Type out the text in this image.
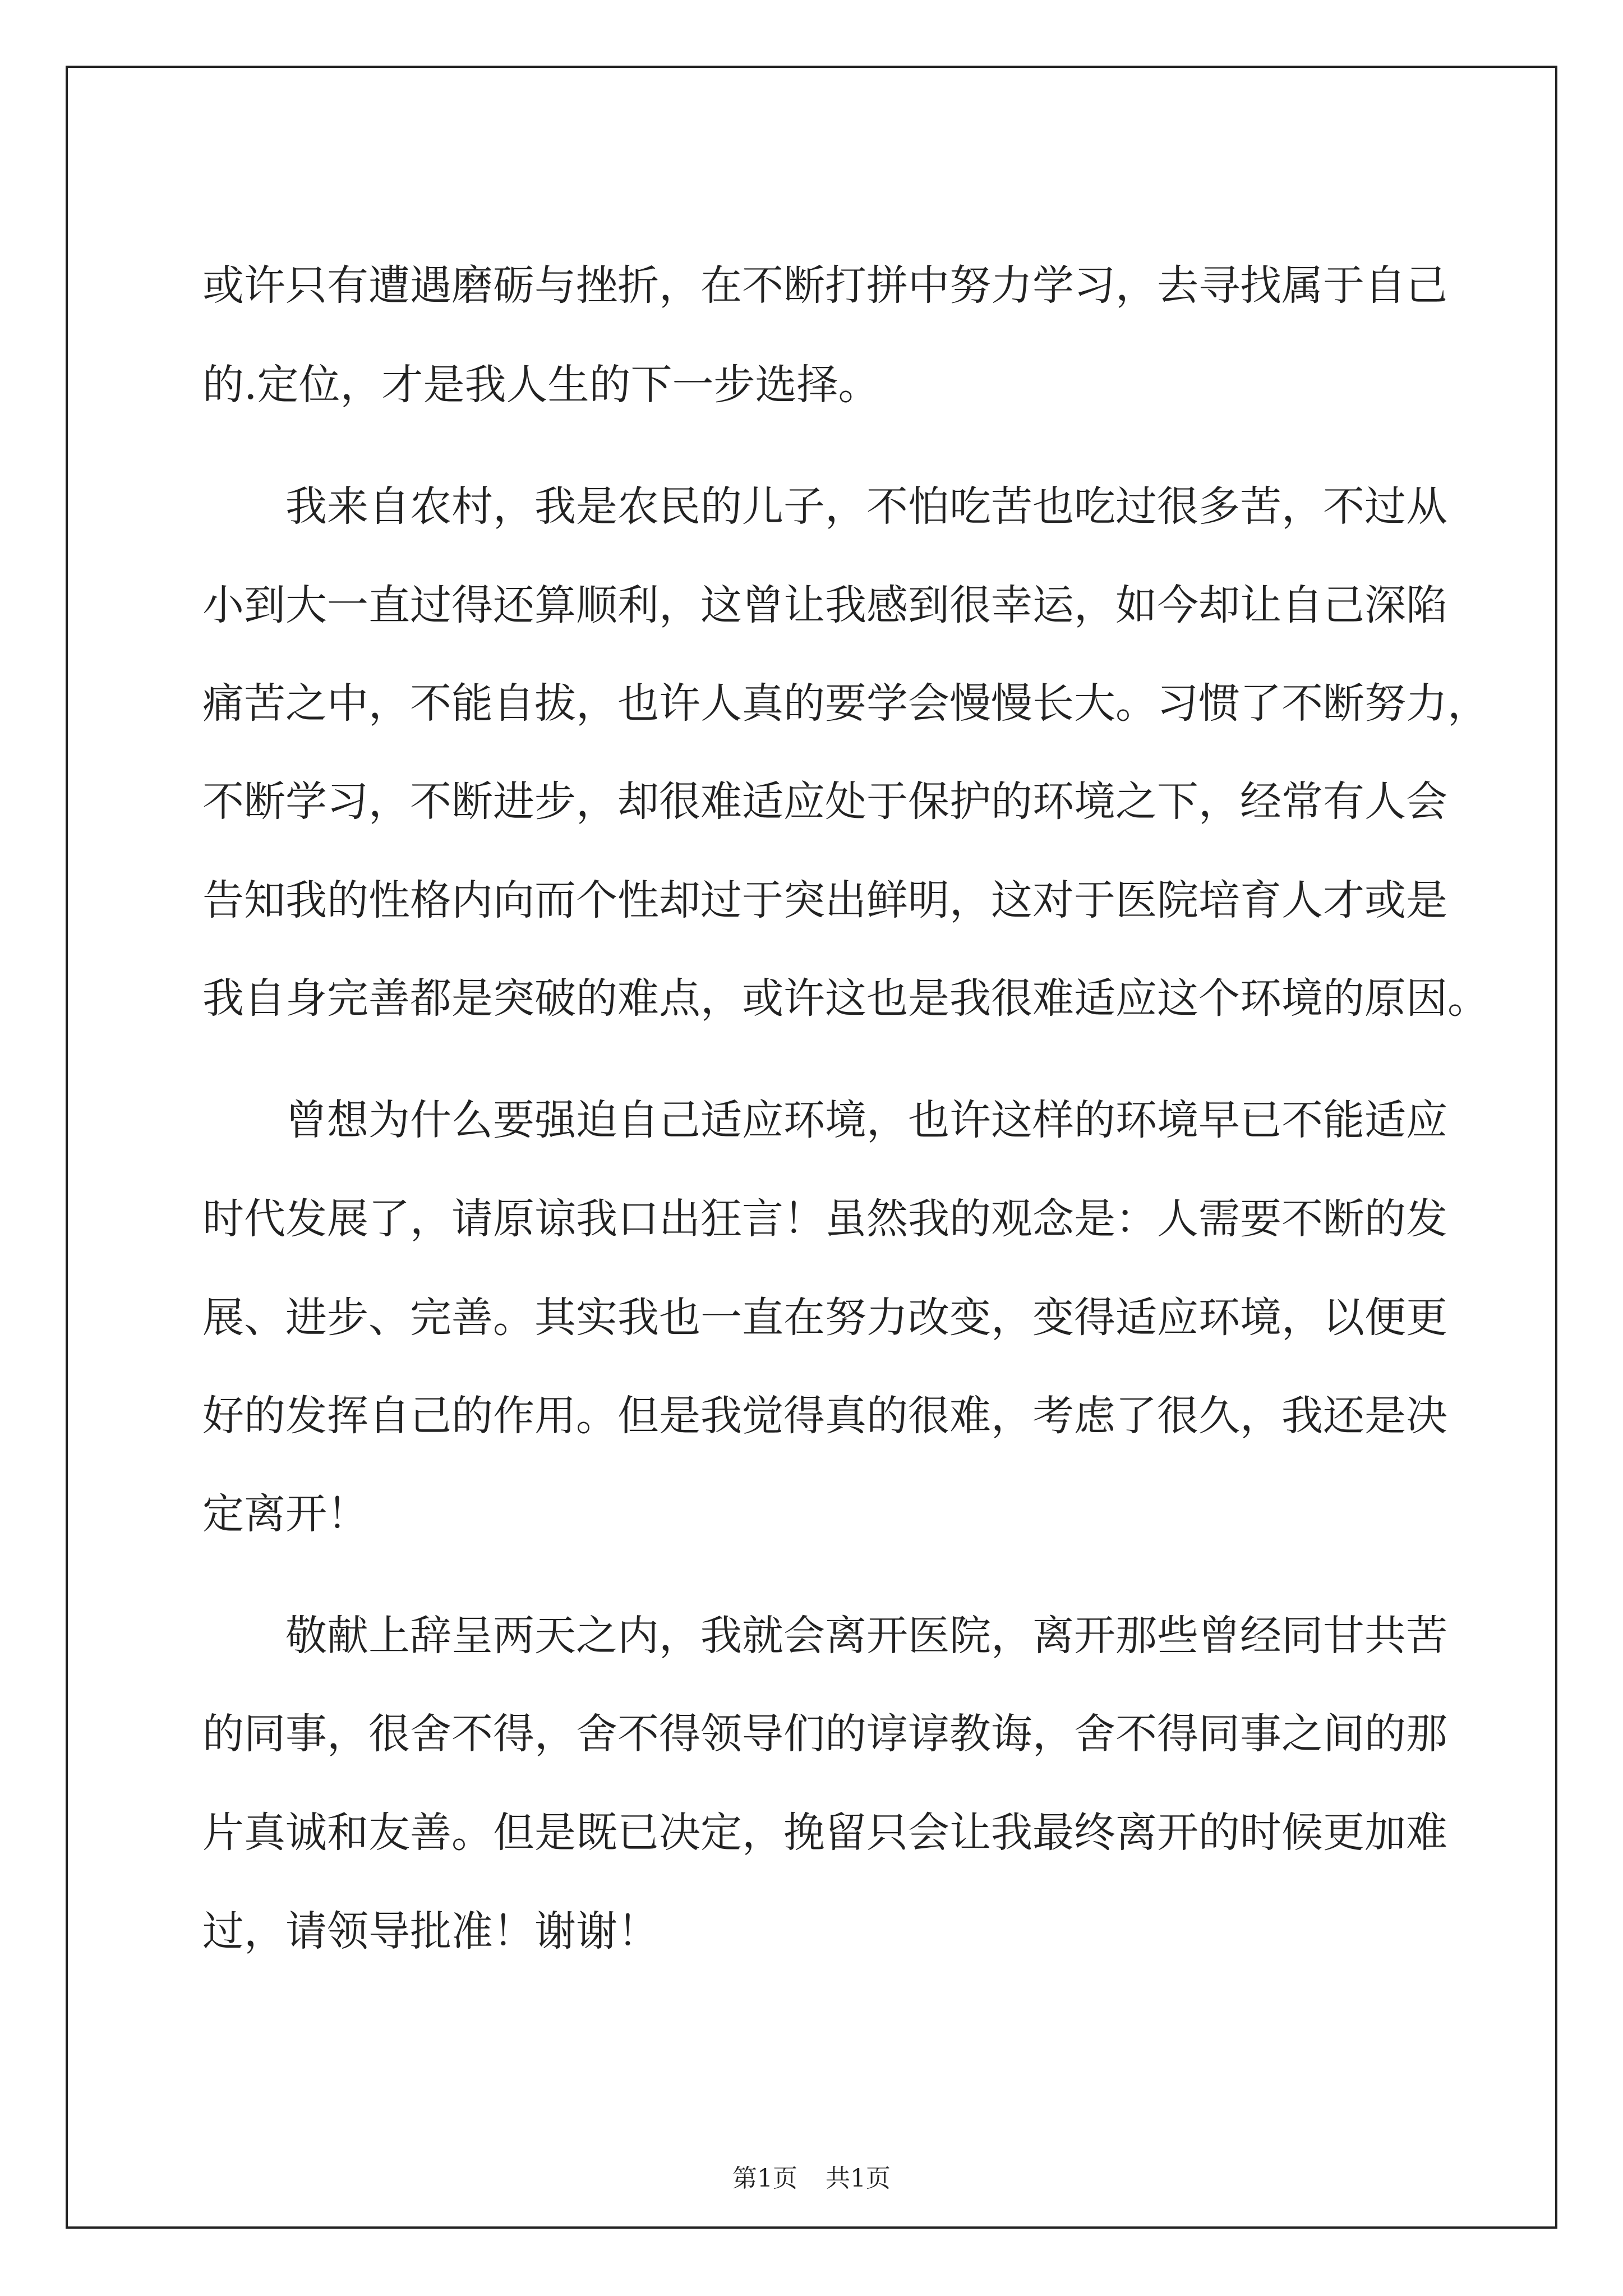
或许只有遭遇磨砺与挫折，在不断打拼中努力学习，去寻找属于自己
的.定位，才是我人生的下一步选择。
我来自农村，我是农民的儿子，不怕吃苦也吃过很多苦，不过从
小到大一直过得还算顺利，这曾让我感到很幸运，如今却让自己深陷
痛苦之中，不能自拔，也许人真的要学会慢慢长大。习惯了不断努力，
不断学习，不断进步，却很难适应处于保护的环境之下，经常有人会
告知我的性格内向而个性却过于突出鲜明，这对于医院培育人才或是
我自身完善都是突破的难点，或许这也是我很难适应这个环境的原因。
曾想为什么要强迫自己适应环境，也许这样的环境早已不能适应
时代发展了，请原谅我口出狂言！虽然我的观念是：人需要不断的发
展、进步、完善。其实我也一直在努力改变，变得适应环境，以便更
好的发挥自己的作用。但是我觉得真的很难，考虑了很久，我还是决
定离开！
敬献上辞呈两天之内，我就会离开医院，离开那些曾经同甘共苦
的同事，很舍不得，舍不得领导们的谆谆教诲，舍不得同事之间的那
片真诚和友善。但是既已决定，挽留只会让我最终离开的时候更加难
过，请领导批准！谢谢！
第1页 共1页
